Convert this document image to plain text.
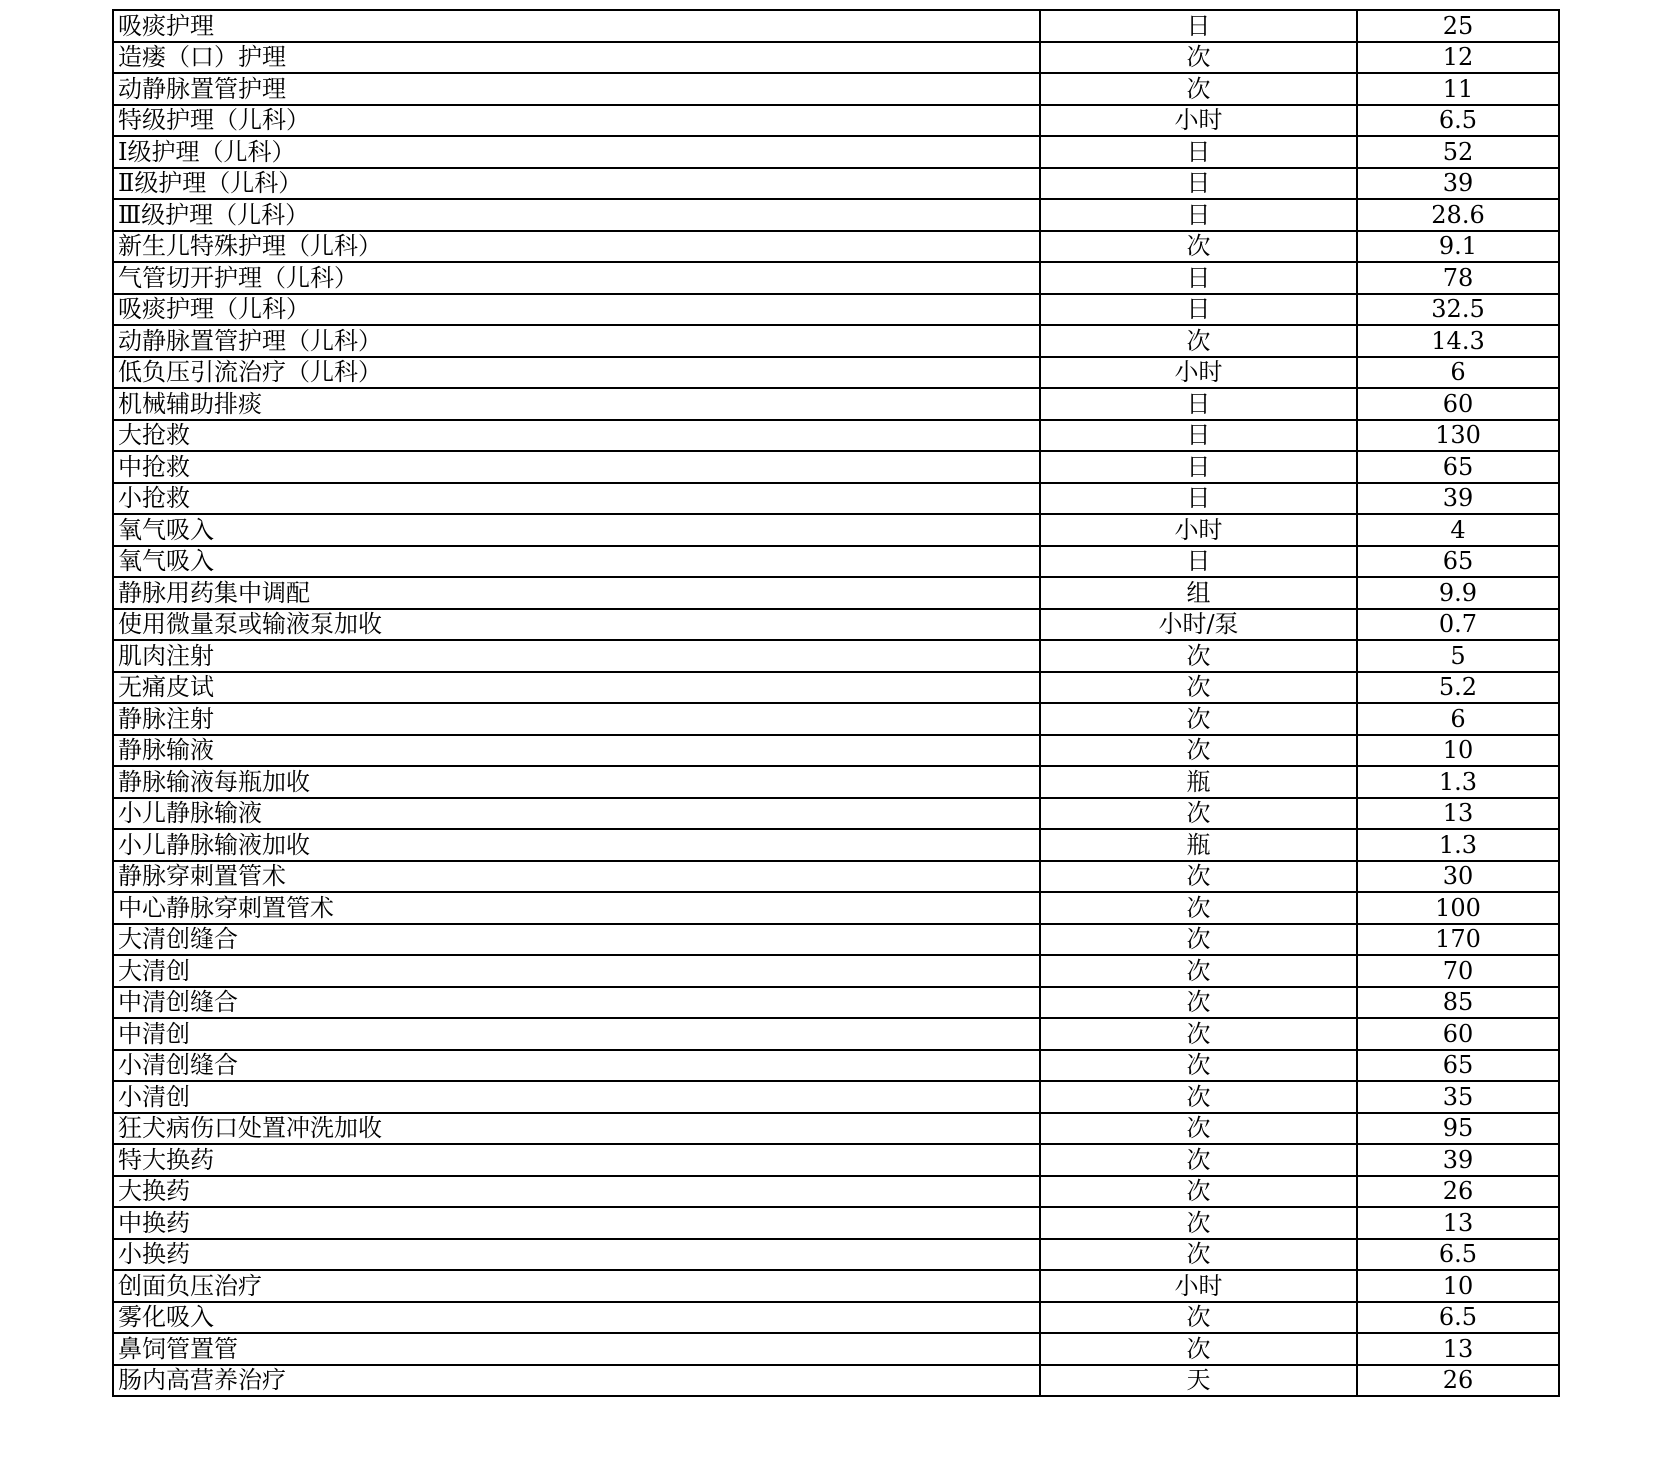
吸痰护理	日	25
造瘘（口）护理	次	12
动静脉置管护理	次	11
特级护理（儿科）	小时	6.5
Ⅰ级护理（儿科）	日	52
Ⅱ级护理（儿科）	日	39
Ⅲ级护理（儿科）	日	28.6
新生儿特殊护理（儿科）	次	9.1
气管切开护理（儿科）	日	78
吸痰护理（儿科）	日	32.5
动静脉置管护理（儿科）	次	14.3
低负压引流治疗（儿科）	小时	6
机械辅助排痰	日	60
大抢救	日	130
中抢救	日	65
小抢救	日	39
氧气吸入	小时	4
氧气吸入	日	65
静脉用药集中调配	组	9.9
使用微量泵或输液泵加收	小时/泵	0.7
肌肉注射	次	5
无痛皮试	次	5.2
静脉注射	次	6
静脉输液	次	10
静脉输液每瓶加收	瓶	1.3
小儿静脉输液	次	13
小儿静脉输液加收	瓶	1.3
静脉穿刺置管术	次	30
中心静脉穿刺置管术	次	100
大清创缝合	次	170
大清创	次	70
中清创缝合	次	85
中清创	次	60
小清创缝合	次	65
小清创	次	35
狂犬病伤口处置冲洗加收	次	95
特大换药	次	39
大换药	次	26
中换药	次	13
小换药	次	6.5
创面负压治疗	小时	10
雾化吸入	次	6.5
鼻饲管置管	次	13
肠内高营养治疗	天	26
